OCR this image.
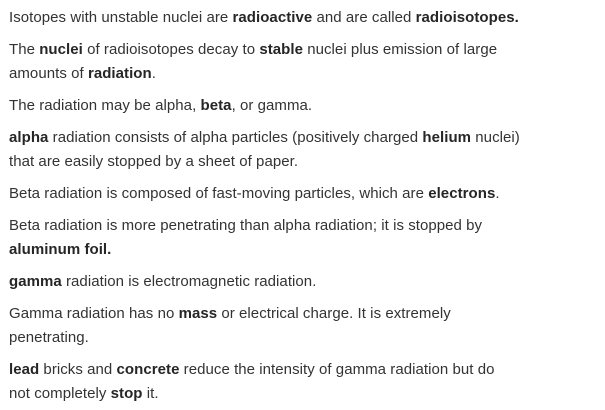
Isotopes with unstable nuclei are radioactive and are called radioisotopes.

The nuclei of radioisotopes decay to stable nuclei plus emission of large
amounts of radiation.

The radiation may be alpha, beta, or gamma.

alpha radiation consists of alpha particles (positively charged helium nuclei)
that are easily stopped by a sheet of paper.

Beta radiation is composed of fast-moving particles, which are electrons.

Beta radiation is more penetrating than alpha radiation; it is stopped by
aluminum foil.

gamma radiation is electromagnetic radiation.

Gamma radiation has no mass or electrical charge. It is extremely
penetrating.

lead bricks and concrete reduce the intensity of gamma radiation but do
not completely stop it.
